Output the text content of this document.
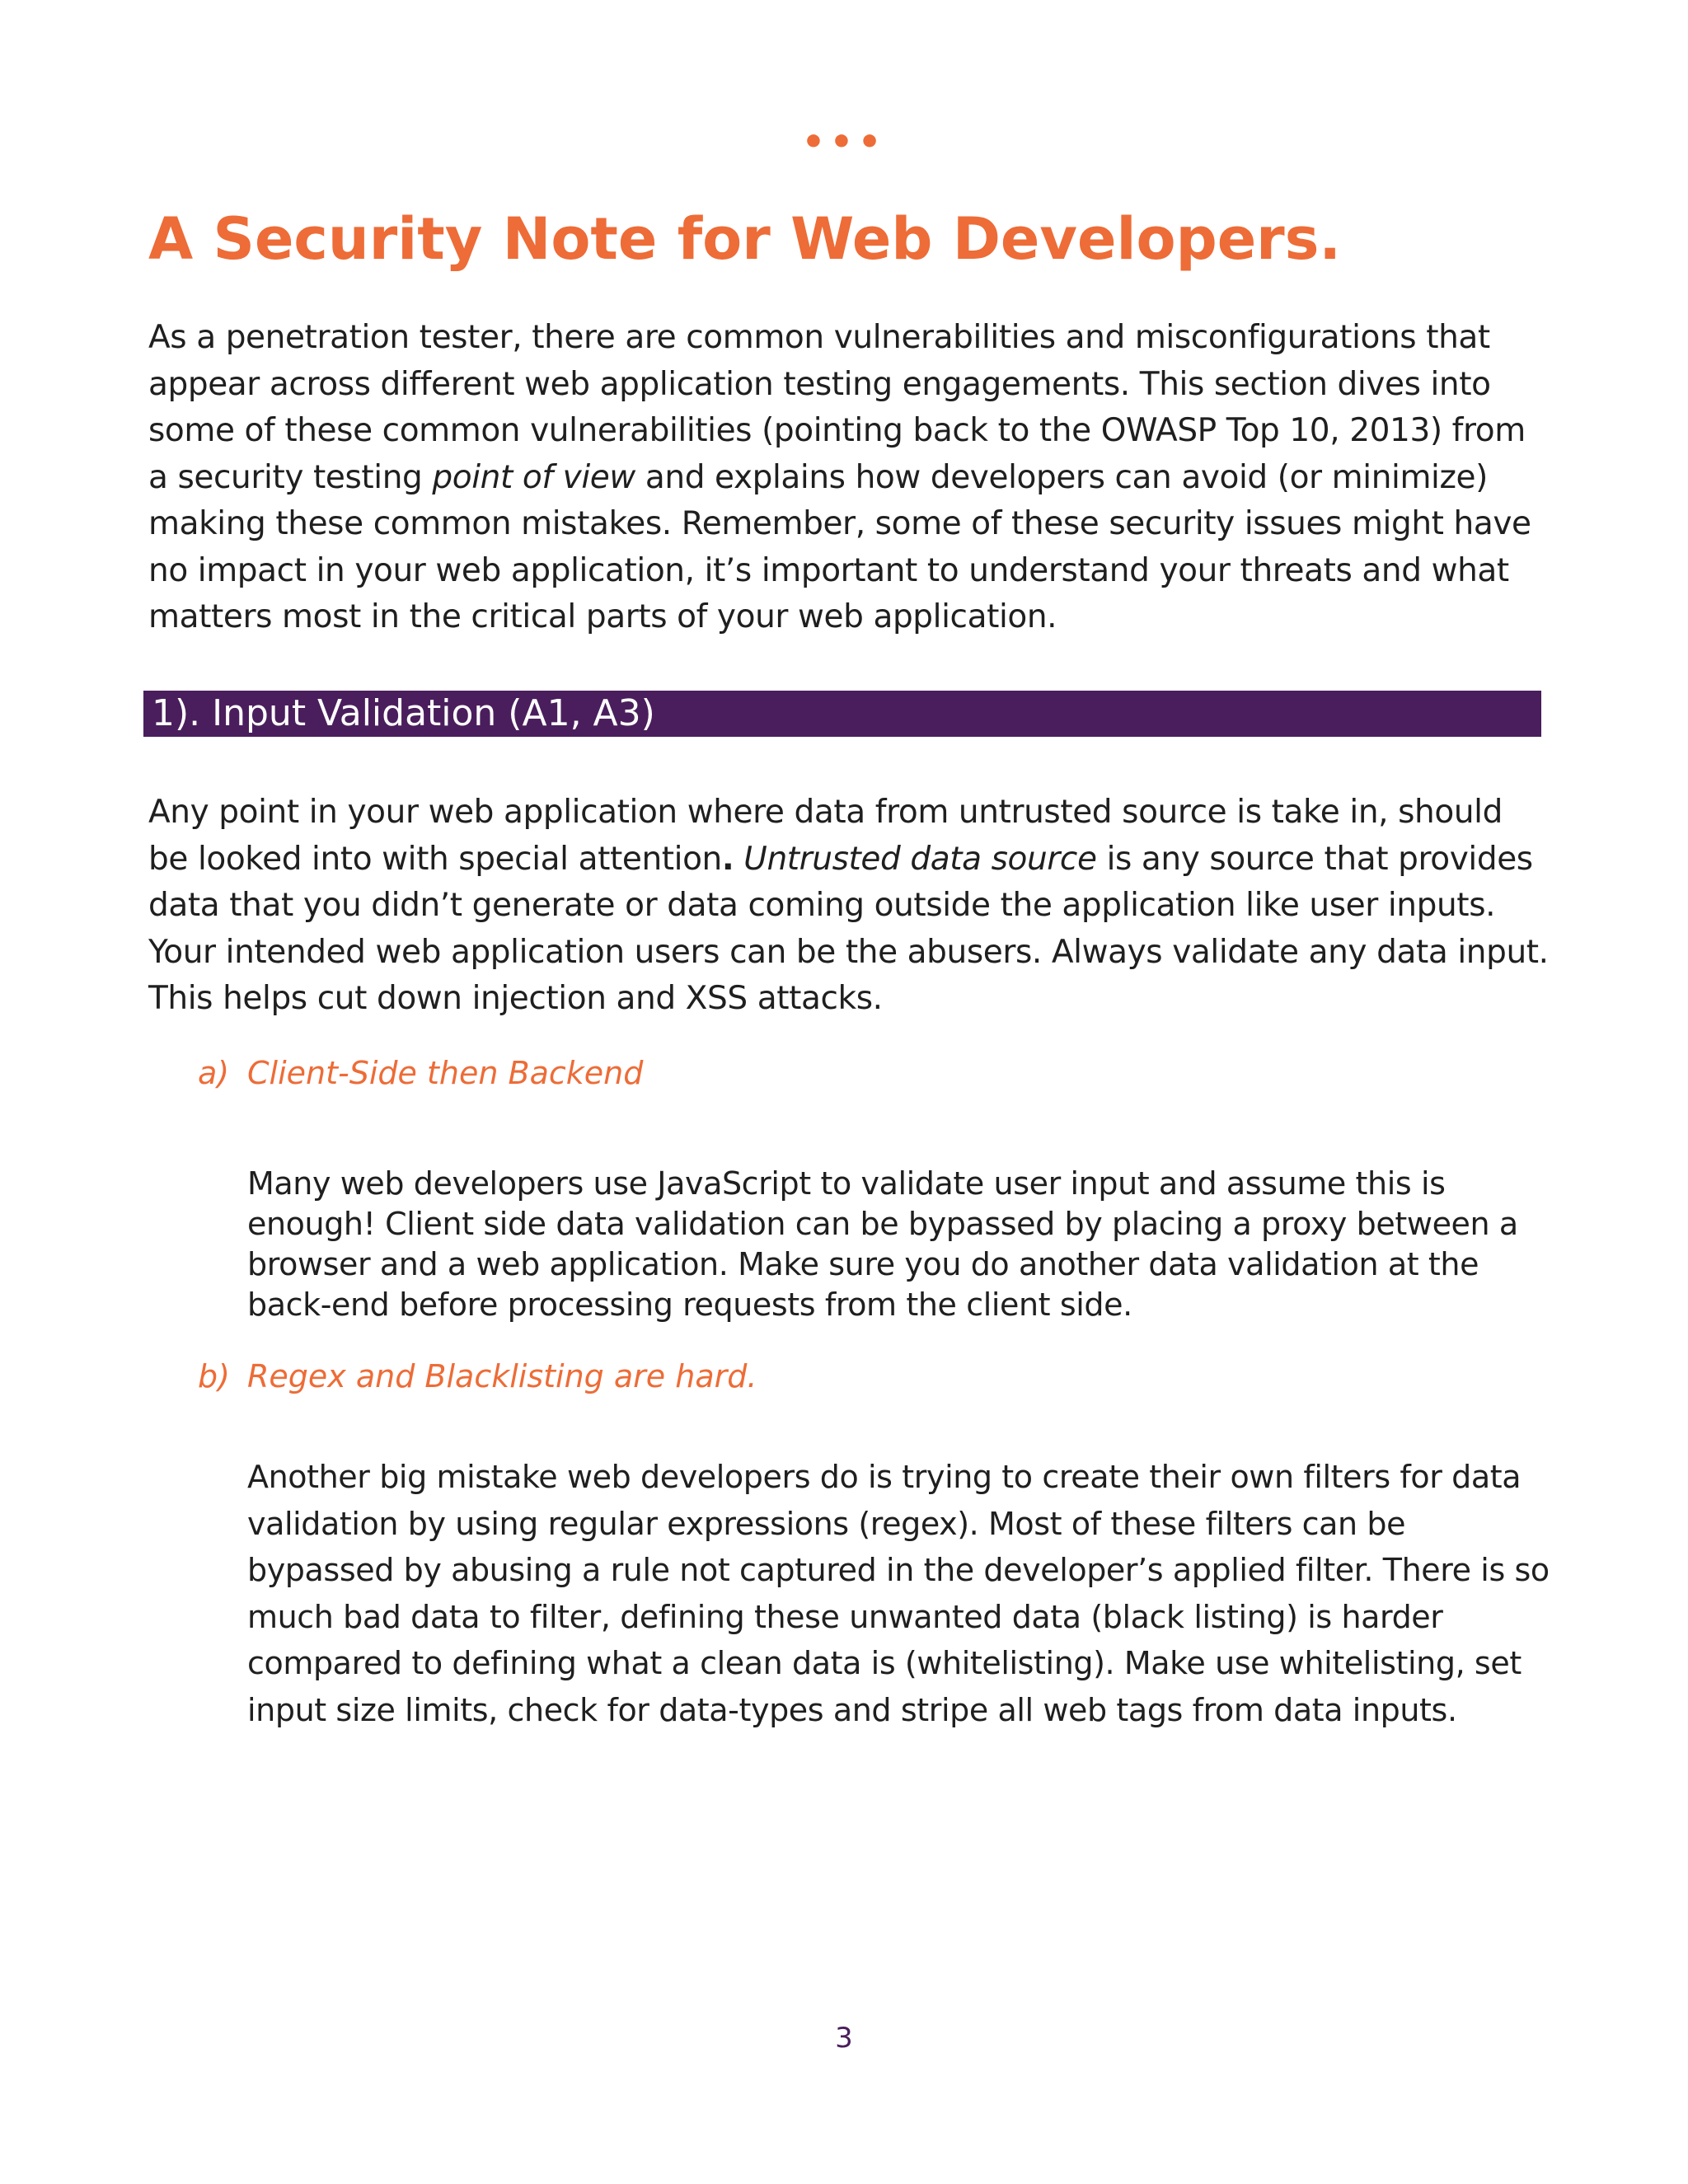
•••
A Security Note for Web Developers.

As a penetration tester, there are common vulnerabilities and misconfigurations that appear across different web application testing engagements. This section dives into some of these common vulnerabilities (pointing back to the OWASP Top 10, 2013) from a security testing point of view and explains how developers can avoid (or minimize) making these common mistakes. Remember, some of these security issues might have no impact in your web application, it’s important to understand your threats and what matters most in the critical parts of your web application.

1). Input Validation (A1, A3)

Any point in your web application where data from untrusted source is take in, should be looked into with special attention. Untrusted data source is any source that provides data that you didn’t generate or data coming outside the application like user inputs. Your intended web application users can be the abusers. Always validate any data input. This helps cut down injection and XSS attacks.

a) Client-Side then Backend

Many web developers use JavaScript to validate user input and assume this is enough! Client side data validation can be bypassed by placing a proxy between a browser and a web application. Make sure you do another data validation at the back-end before processing requests from the client side.

b) Regex and Blacklisting are hard.

Another big mistake web developers do is trying to create their own filters for data validation by using regular expressions (regex). Most of these filters can be bypassed by abusing a rule not captured in the developer’s applied filter. There is so much bad data to filter, defining these unwanted data (black listing) is harder compared to defining what a clean data is (whitelisting). Make use whitelisting, set input size limits, check for data-types and stripe all web tags from data inputs.

3
